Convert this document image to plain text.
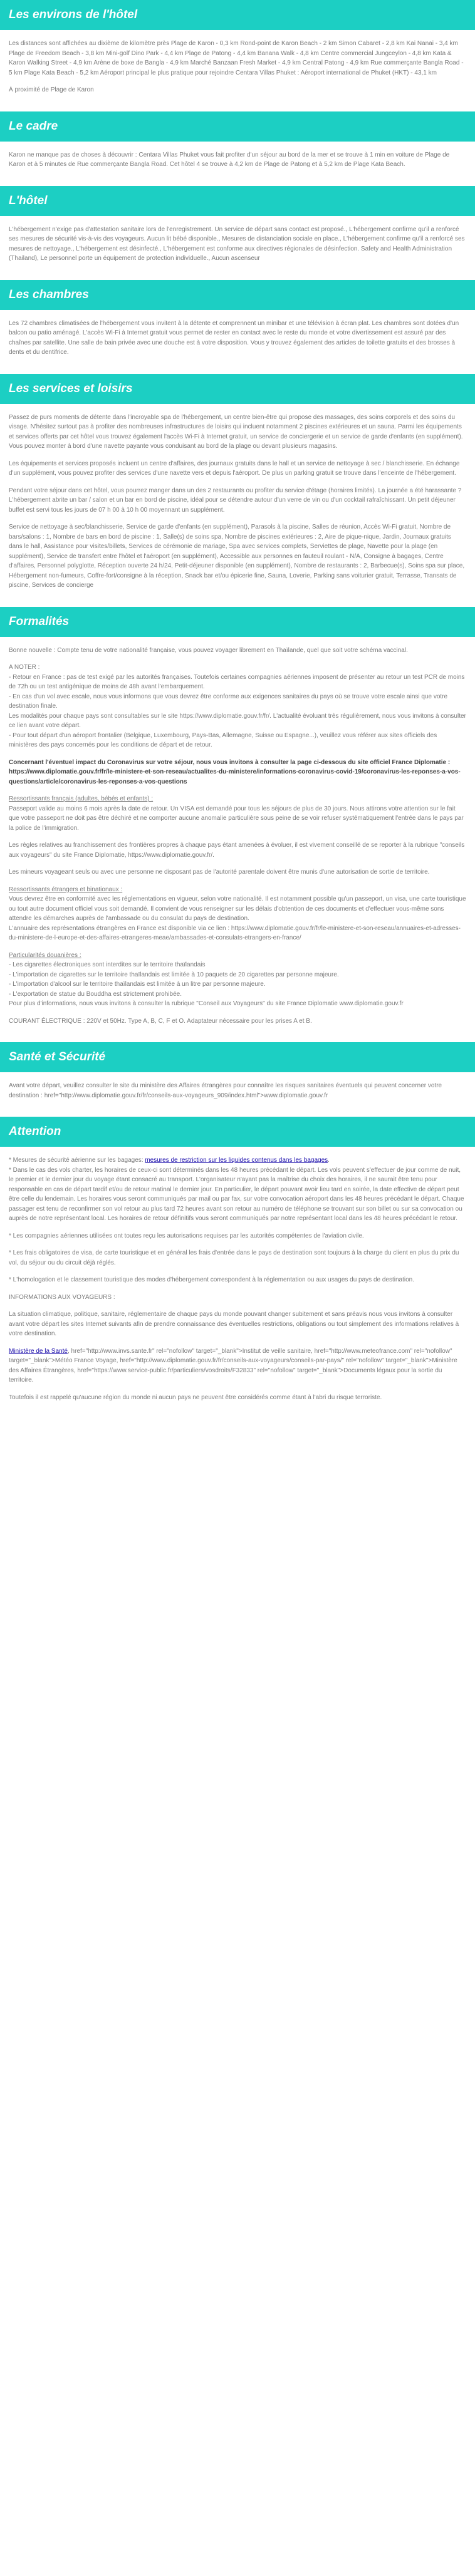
Les environs de l'hôtel

Les distances sont affichées au dixième de kilomètre près Plage de Karon - 0,3 km Rond-point de Karon Beach - 2 km Simon Cabaret - 2,8 km Kai Nanai - 3,4 km Plage de Freedom Beach - 3,8 km Mini-golf Dino Park - 4,4 km Plage de Patong - 4,4 km Banana Walk - 4,8 km Centre commercial Jungceylon - 4,8 km Kata & Karon Walking Street - 4,9 km Arène de boxe de Bangla - 4,9 km Marché Banzaan Fresh Market - 4,9 km Central Patong - 4,9 km Rue commerçante Bangla Road - 5 km Plage Kata Beach - 5,2 km Aéroport principal le plus pratique pour rejoindre Centara Villas Phuket : Aéroport international de Phuket (HKT) - 43,1 km

À proximité de Plage de Karon

Le cadre

Karon ne manque pas de choses à découvrir : Centara Villas Phuket vous fait profiter d'un séjour au bord de la mer et se trouve à 1 min en voiture de Plage de Karon et à 5 minutes de Rue commerçante Bangla Road. Cet hôtel 4 se trouve à 4,2 km de Plage de Patong et à 5,2 km de Plage Kata Beach.

L'hôtel

L'hébergement n'exige pas d'attestation sanitaire lors de l'enregistrement. Un service de départ sans contact est proposé., L'hébergement confirme qu'il a renforcé ses mesures de sécurité vis-à-vis des voyageurs. Aucun lit bébé disponible., Mesures de distanciation sociale en place., L'hébergement confirme qu'il a renforcé ses mesures de nettoyage., L'hébergement est désinfecté., L'hébergement est conforme aux directives régionales de désinfection. Safety and Health Administration (Thailand), Le personnel porte un équipement de protection individuelle., Aucun ascenseur

Les chambres

Les 72 chambres climatisées de l'hébergement vous invitent à la détente et comprennent un minibar et une télévision à écran plat. Les chambres sont dotées d'un balcon ou patio aménagé. L'accès Wi-Fi à Internet gratuit vous permet de rester en contact avec le reste du monde et votre divertissement est assuré par des chaînes par satellite. Une salle de bain privée avec une douche est à votre disposition. Vous y trouvez également des articles de toilette gratuits et des brosses à dents et du dentifrice.

Les services et loisirs

Passez de purs moments de détente dans l'incroyable spa de l'hébergement, un centre bien-être qui propose des massages, des soins corporels et des soins du visage. N'hésitez surtout pas à profiter des nombreuses infrastructures de loisirs qui incluent notamment 2 piscines extérieures et un sauna. Parmi les équipements et services offerts par cet hôtel vous trouvez également l'accès Wi-Fi à Internet gratuit, un service de conciergerie et un service de garde d'enfants (en supplément). Vous pouvez monter à bord d'une navette payante vous conduisant au bord de la plage ou devant plusieurs magasins.

Les équipements et services proposés incluent un centre d'affaires, des journaux gratuits dans le hall et un service de nettoyage à sec / blanchisserie. En échange d'un supplément, vous pouvez profiter des services d'une navette vers et depuis l'aéroport. De plus un parking gratuit se trouve dans l'enceinte de l'hébergement.

Pendant votre séjour dans cet hôtel, vous pourrez manger dans un des 2 restaurants ou profiter du service d'étage (horaires limités). La journée a été harassante ? L'hébergement abrite un bar / salon et un bar en bord de piscine, idéal pour se détendre autour d'un verre de vin ou d'un cocktail rafraîchissant. Un petit déjeuner buffet est servi tous les jours de 07 h 00 à 10 h 00 moyennant un supplément.

Service de nettoyage à sec/blanchisserie, Service de garde d'enfants (en supplément), Parasols à la piscine, Salles de réunion, Accès Wi-Fi gratuit, Nombre de bars/salons : 1, Nombre de bars en bord de piscine : 1, Salle(s) de soins spa, Nombre de piscines extérieures : 2, Aire de pique-nique, Jardin, Journaux gratuits dans le hall, Assistance pour visites/billets, Services de cérémonie de mariage, Spa avec services complets, Serviettes de plage, Navette pour la plage (en supplément), Service de transfert entre l'hôtel et l'aéroport (en supplément), Accessible aux personnes en fauteuil roulant - N/A, Consigne à bagages, Centre d'affaires, Personnel polyglotte, Réception ouverte 24 h/24, Petit-déjeuner disponible (en supplément), Nombre de restaurants : 2, Barbecue(s), Soins spa sur place, Hébergement non-fumeurs, Coffre-fort/consigne à la réception, Snack bar et/ou épicerie fine, Sauna, Loverie, Parking sans voiturier gratuit, Terrasse, Transats de piscine, Services de concierge

Formalités

Bonne nouvelle : Compte tenu de votre nationalité française, vous pouvez voyager librement en Thaïlande, quel que soit votre schéma vaccinal.

A NOTER :
- Retour en France : pas de test exigé par les autorités françaises. Toutefois certaines compagnies aériennes imposent de présenter au retour un test PCR de moins de 72h ou un test antigénique de moins de 48h avant l'embarquement.
- En cas d'un vol avec escale, nous vous informons que vous devrez être conforme aux exigences sanitaires du pays où se trouve votre escale ainsi que votre destination finale.
Les modalités pour chaque pays sont consultables sur le site https://www.diplomatie.gouv.fr/fr/. L'actualité évoluant très régulièrement, nous vous invitons à consulter ce lien avant votre départ.

- Pour tout départ d'un aéroport frontalier (Belgique, Luxembourg, Pays-Bas, Allemagne, Suisse ou Espagne...), veuillez vous référer aux sites officiels des ministères des pays concernés pour les conditions de départ et de retour.

Concernant l'éventuel impact du Coronavirus sur votre séjour, nous vous invitons à consulter la page ci-dessous du site officiel France Diplomatie : https://www.diplomatie.gouv.fr/fr/le-ministere-et-son-reseau/actualites-du-ministere/informations-coronavirus-covid-19/coronavirus-les-reponses-a-vos-questions/article/coronavirus-les-reponses-a-vos-questions

Ressortissants français (adultes, bébés et enfants) :

Passeport valide au moins 6 mois après la date de retour. Un VISA est demandé pour tous les séjours de plus de 30 jours. Nous attirons votre attention sur le fait que votre passeport ne doit pas être déchiré et ne comporter aucune anomalie particulière sous peine de se voir refuser systématiquement l'entrée dans le pays par la police de l'immigration.

Les règles relatives au franchissement des frontières propres à chaque pays étant amenées à évoluer, il est vivement conseillé de se reporter à la rubrique "conseils aux voyageurs" du site France Diplomatie, https://www.diplomatie.gouv.fr/.

Les mineurs voyageant seuls ou avec une personne ne disposant pas de l'autorité parentale doivent être munis d'une autorisation de sortie de territoire.

Ressortissants étrangers et binationaux :
Vous devrez être en conformité avec les réglementations en vigueur, selon votre nationalité. Il est notamment possible qu'un passeport, un visa, une carte touristique ou tout autre document officiel vous soit demandé. Il convient de vous renseigner sur les délais d'obtention de ces documents et d'effectuer vous-même sons attendre les démarches auprès de l'ambassade ou du consulat du pays de destination.

L'annuaire des représentations étrangères en France est disponible via ce lien : https://www.diplomatie.gouv.fr/fr/le-ministere-et-son-reseau/annuaires-et-adresses-du-ministere-de-l-europe-et-des-affaires-etrangeres-meae/ambassades-et-consulats-etrangers-en-france/

Particularités douanières :
- Les cigarettes électroniques sont interdites sur le territoire thaïlandais
- L'importation de cigarettes sur le territoire thaïlandais est limitée à 10 paquets de 20 cigarettes par personne majeure.
- L'importation d'alcool sur le territoire thaïlandais est limitée à un litre par personne majeure.
- L'exportation de statue du Bouddha est strictement prohibée.

Pour plus d'informations, nous vous invitons à consulter la rubrique "Conseil aux Voyageurs" du site France Diplomatie www.diplomatie.gouv.fr

COURANT ÉLECTRIQUE : 220V et 50Hz. Type A, B, C, F et O. Adaptateur nécessaire pour les prises A et B.

Santé et Sécurité

Avant votre départ, veuillez consulter le site du ministère des Affaires étrangères pour connaître les risques sanitaires éventuels qui peuvent concerner votre destination : href="http://www.diplomatie.gouv.fr/fr/conseils-aux-voyageurs_909/index.html">www.diplomatie.gouv.fr

Attention
* Mesures de sécurité aérienne sur les bagages: mesures de restriction sur les liquides contenus dans les bagages.

* Dans le cas des vols charter, les horaires de ceux-ci sont déterminés dans les 48 heures précédant le départ. Les vols peuvent s'effectuer de jour comme de nuit, le premier et le dernier jour du voyage étant consacré au transport. L'organisateur n'ayant pas la maîtrise du choix des horaires, il ne saurait être tenu pour responsable en cas de départ tardif et/ou de retour matinal le dernier jour. En particulier, le départ pouvant avoir lieu tard en soirée, la date effective de départ peut être celle du lendemain. Les horaires vous seront communiqués par mail ou par fax, sur votre convocation aéroport dans les 48 heures précédant le départ. Chaque passager est tenu de reconfirmer son vol retour au plus tard 72 heures avant son retour au numéro de téléphone se trouvant sur son billet ou sur sa convocation ou auprès de notre représentant local. Les horaires de retour définitifs vous seront communiqués par notre représentant local dans les 48 heures précédant le retour.

* Les compagnies aériennes utilisées ont toutes reçu les autorisations requises par les autorités compétentes de l'aviation civile.

* Les frais obligatoires de visa, de carte touristique et en général les frais d'entrée dans le pays de destination sont toujours à la charge du client en plus du prix du vol, du séjour ou du circuit déjà réglés.

* L'homologation et le classement touristique des modes d'hébergement correspondent à la réglementation ou aux usages du pays de destination.

INFORMATIONS AUX VOYAGEURS :

La situation climatique, politique, sanitaire, réglementaire de chaque pays du monde pouvant changer subitement et sans préavis nous vous invitons à consulter avant votre départ les sites Internet suivants afin de prendre connaissance des éventuelles restrictions, obligations ou tout simplement des informations relatives à votre destination.

Ministère de la Santé, href="http://www.invs.sante.fr" rel="nofollow" target="_blank">Institut de veille sanitaire, href="http://www.meteofrance.com" rel="nofollow" target="_blank">Météo France Voyage, href="http://www.diplomatie.gouv.fr/fr/conseils-aux-voyageurs/conseils-par-pays/" rel="nofollow" target="_blank">Ministère des Affaires Étrangères, href="https://www.service-public.fr/particuliers/vosdroits/F32833" rel="nofollow" target="_blank">Documents légaux pour la sortie du territoire.

Toutefois il est rappelé qu'aucune région du monde ni aucun pays ne peuvent être considérés comme étant à l'abri du risque terroriste.
